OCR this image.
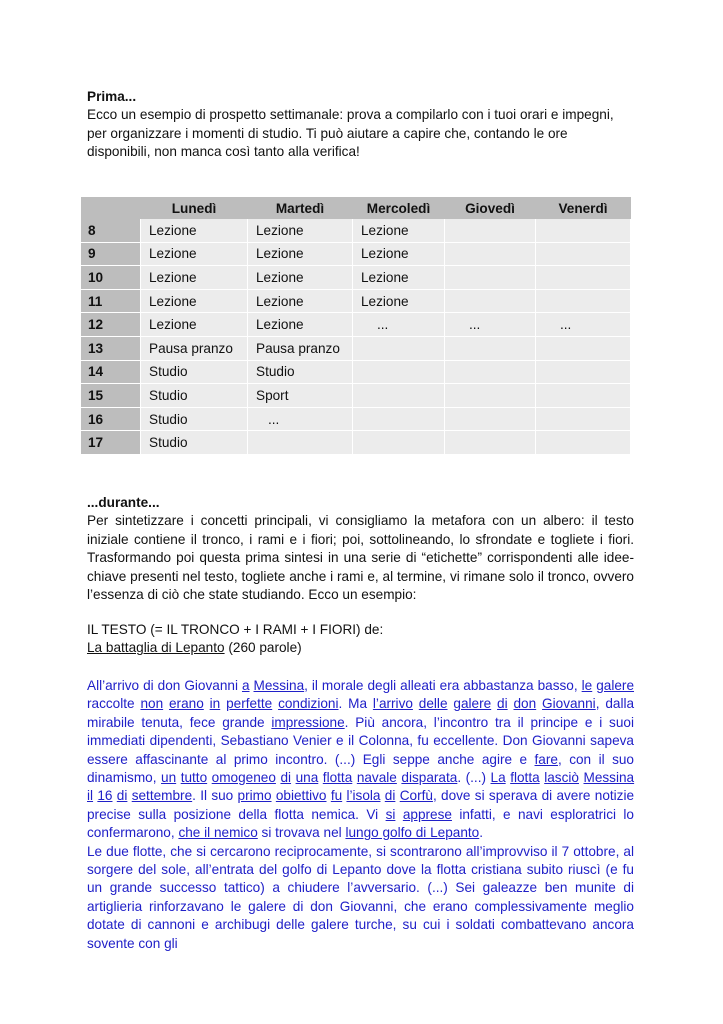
Prima...

Ecco un esempio di prospetto settimanale: prova a compilarlo con i tuoi orari e impegni, per organizzare i momenti di studio. Ti può aiutare a capire che, contando le ore disponibili, non manca così tanto alla verifica!

	Lunedì	Martedì	Mercoledì	Giovedì	Venerdì
8	Lezione	Lezione	Lezione		
9	Lezione	Lezione	Lezione		
10	Lezione	Lezione	Lezione		
11	Lezione	Lezione	Lezione		
12	Lezione	Lezione	...	...	...
13	Pausa pranzo	Pausa pranzo			
14	Studio	Studio			
15	Studio	Sport			
16	Studio	...			
17	Studio				

...durante...

Per sintetizzare i concetti principali, vi consigliamo la metafora con un albero: il testo iniziale contiene il tronco, i rami e i fiori; poi, sottolineando, lo sfrondate e togliete i fiori. Trasformando poi questa prima sintesi in una serie di “etichette” corrispondenti alle idee-chiave presenti nel testo, togliete anche i rami e, al termine, vi rimane solo il tronco, ovvero l’essenza di ciò che state studiando. Ecco un esempio:

IL TESTO (= IL TRONCO + I RAMI + I FIORI) de:

La battaglia di Lepanto (260 parole)

All’arrivo di don Giovanni a Messina, il morale degli alleati era abbastanza basso, le galere raccolte non erano in perfette condizioni. Ma l’arrivo delle galere di don Giovanni, dalla mirabile tenuta, fece grande impressione. Più ancora, l’incontro tra il principe e i suoi immediati dipendenti, Sebastiano Venier e il Colonna, fu eccellente. Don Giovanni sapeva essere affascinante al primo incontro. (...) Egli seppe anche agire e fare, con il suo dinamismo, un tutto omogeneo di una flotta navale disparata. (...) La flotta lasciò Messina il 16 di settembre. Il suo primo obiettivo fu l’isola di Corfù, dove si sperava di avere notizie precise sulla posizione della flotta nemica. Vi si apprese infatti, e navi esploratrici lo confermarono, che il nemico si trovava nel lungo golfo di Lepanto.

Le due flotte, che si cercarono reciprocamente, si scontrarono all’improvviso il 7 ottobre, al sorgere del sole, all’entrata del golfo di Lepanto dove la flotta cristiana subito riuscì (e fu un grande successo tattico) a chiudere l’avversario. (...) Sei galeazze ben munite di artiglieria rinforzavano le galere di don Giovanni, che erano complessivamente meglio dotate di cannoni e archibugi delle galere turche, su cui i soldati combattevano ancora sovente con gli
